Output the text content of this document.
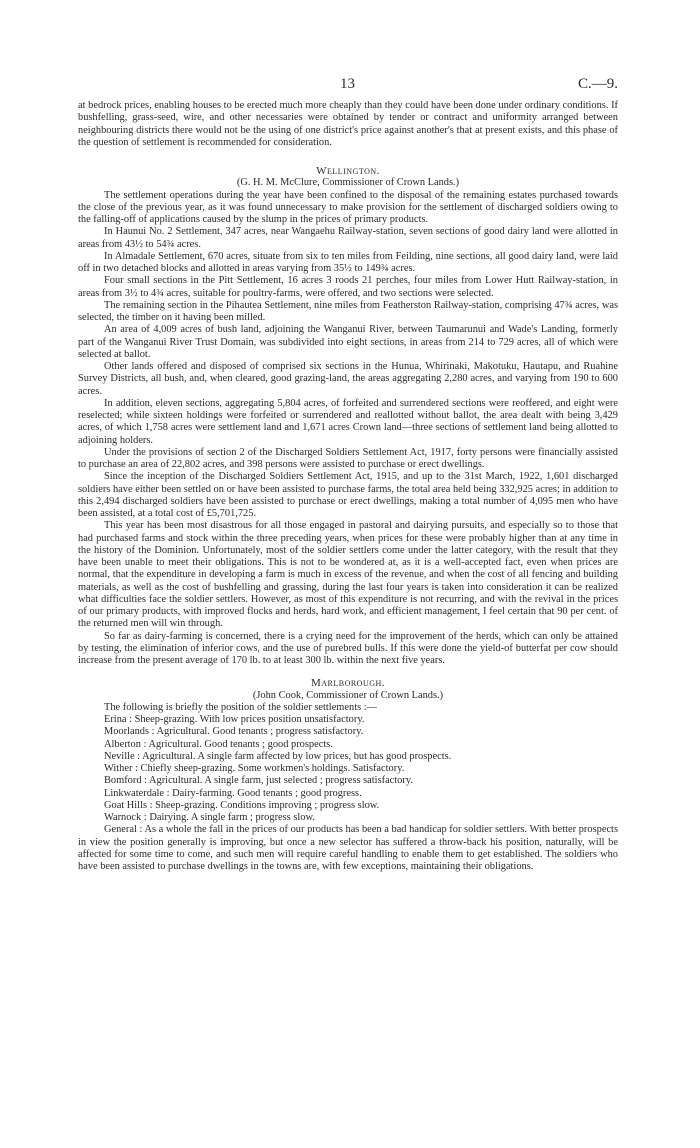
13	C.—9.

at bedrock prices, enabling houses to be erected much more cheaply than they could have been done under ordinary conditions. If bushfelling, grass-seed, wire, and other necessaries were obtained by tender or contract and uniformity arranged between neighbouring districts there would not be the using of one district's price against another's that at present exists, and this phase of the question of settlement is recommended for consideration.

Wellington.

(G. H. M. McClure, Commissioner of Crown Lands.)

The settlement operations during the year have been confined to the disposal of the remaining estates purchased towards the close of the previous year, as it was found unnecessary to make provision for the settlement of discharged soldiers owing to the falling-off of applications caused by the slump in the prices of primary products.

In Haunui No. 2 Settlement, 347 acres, near Wangaehu Railway-station, seven sections of good dairy land were allotted in areas from 43½ to 54¾ acres.

In Almadale Settlement, 670 acres, situate from six to ten miles from Feilding, nine sections, all good dairy land, were laid off in two detached blocks and allotted in areas varying from 35½ to 149¾ acres.

Four small sections in the Pitt Settlement, 16 acres 3 roods 21 perches, four miles from Lower Hutt Railway-station, in areas from 3½ to 4¾ acres, suitable for poultry-farms, were offered, and two sections were selected.

The remaining section in the Pihautea Settlement, nine miles from Featherston Railway-station, comprising 47¾ acres, was selected, the timber on it having been milled.

An area of 4,009 acres of bush land, adjoining the Wanganui River, between Taumarunui and Wade's Landing, formerly part of the Wanganui River Trust Domain, was subdivided into eight sections, in areas from 214 to 729 acres, all of which were selected at ballot.

Other lands offered and disposed of comprised six sections in the Hunua, Whirinaki, Makotuku, Hautapu, and Ruahine Survey Districts, all bush, and, when cleared, good grazing-land, the areas aggregating 2,280 acres, and varying from 190 to 600 acres.

In addition, eleven sections, aggregating 5,804 acres, of forfeited and surrendered sections were reoffered, and eight were reselected; while sixteen holdings were forfeited or surrendered and reallotted without ballot, the area dealt with being 3,429 acres, of which 1,758 acres were settlement land and 1,671 acres Crown land—three sections of settlement land being allotted to adjoining holders.

Under the provisions of section 2 of the Discharged Soldiers Settlement Act, 1917, forty persons were financially assisted to purchase an area of 22,802 acres, and 398 persons were assisted to purchase or erect dwellings.

Since the inception of the Discharged Soldiers Settlement Act, 1915, and up to the 31st March, 1922, 1,601 discharged soldiers have either been settled on or have been assisted to purchase farms, the total area held being 332,925 acres; in addition to this 2,494 discharged soldiers have been assisted to purchase or erect dwellings, making a total number of 4,095 men who have been assisted, at a total cost of £5,701,725.

This year has been most disastrous for all those engaged in pastoral and dairying pursuits, and especially so to those that had purchased farms and stock within the three preceding years, when prices for these were probably higher than at any time in the history of the Dominion. Unfortunately, most of the soldier settlers come under the latter category, with the result that they have been unable to meet their obligations. This is not to be wondered at, as it is a well-accepted fact, even when prices are normal, that the expenditure in developing a farm is much in excess of the revenue, and when the cost of all fencing and building materials, as well as the cost of bushfelling and grassing, during the last four years is taken into consideration it can be realized what difficulties face the soldier settlers. However, as most of this expenditure is not recurring, and with the revival in the prices of our primary products, with improved flocks and herds, hard work, and efficient management, I feel certain that 90 per cent. of the returned men will win through.

So far as dairy-farming is concerned, there is a crying need for the improvement of the herds, which can only be attained by testing, the elimination of inferior cows, and the use of purebred bulls. If this were done the yield-of butterfat per cow should increase from the present average of 170 lb. to at least 300 lb. within the next five years.

Marlborough.

(John Cook, Commissioner of Crown Lands.)

The following is briefly the position of the soldier settlements :—

Erina : Sheep-grazing. With low prices position unsatisfactory.

Moorlands : Agricultural. Good tenants ; progress satisfactory.

Alberton : Agricultural. Good tenants ; good prospects.

Neville : Agricultural. A single farm affected by low prices, but has good prospects.

Wither : Chiefly sheep-grazing. Some workmen's holdings. Satisfactory.

Bomford : Agricultural. A single farm, just selected ; progress satisfactory.

Linkwaterdale : Dairy-farming. Good tenants ; good progress.

Goat Hills : Sheep-grazing. Conditions improving ; progress slow.

Warnock : Dairying. A single farm ; progress slow.

General : As a whole the fall in the prices of our products has been a bad handicap for soldier settlers. With better prospects in view the position generally is improving, but once a new selector has suffered a throw-back his position, naturally, will be affected for some time to come, and such men will require careful handling to enable them to get established. The soldiers who have been assisted to purchase dwellings in the towns are, with few exceptions, maintaining their obligations.
